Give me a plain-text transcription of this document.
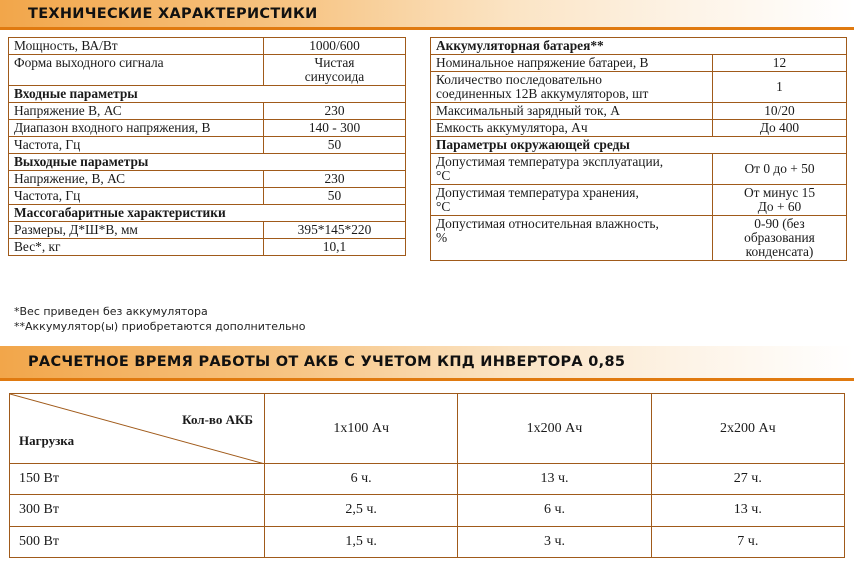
ТЕХНИЧЕСКИЕ ХАРАКТЕРИСТИКИ
Мощность, ВА/Вт	1000/600
Форма выходного сигнала	Чистая
синусоида
Входные параметры	
Напряжение В, АС	230
Диапазон входного напряжения, В	140 - 300
Частота, Гц	50
Выходные параметры	
Напряжение, В, АС	230
Частота, Гц	50
Массогабаритные характеристики	
Размеры, Д*Ш*В, мм	395*145*220
Вес*, кг	10,1
Аккумуляторная батарея**	
Номинальное напряжение батареи, В	12
Количество последовательно
соединенных 12В аккумуляторов, шт	1
Максимальный зарядный ток, А	10/20
Емкость аккумулятора, Ач	До 400
Параметры окружающей среды	
Допустимая температура эксплуатации,
°C	От 0 до + 50
Допустимая температура хранения,
°C	От минус 15
До + 60
Допустимая относительная влажность,
%	0-90 (без
образования
конденсата)
*Вес приведен без аккумулятора
**Аккумулятор(ы) приобретаются дополнительно
РАСЧЕТНОЕ ВРЕМЯ РАБОТЫ ОТ АКБ С УЧЕТОМ КПД ИНВЕРТОРА 0,85
Кол-во АКБ
Нагрузка	1х100 Ач	1х200 Ач	2х200 Ач
150 Вт	6 ч.	13 ч.	27 ч.
300 Вт	2,5 ч.	6 ч.	13 ч.
500 Вт	1,5 ч.	3 ч.	7 ч.
